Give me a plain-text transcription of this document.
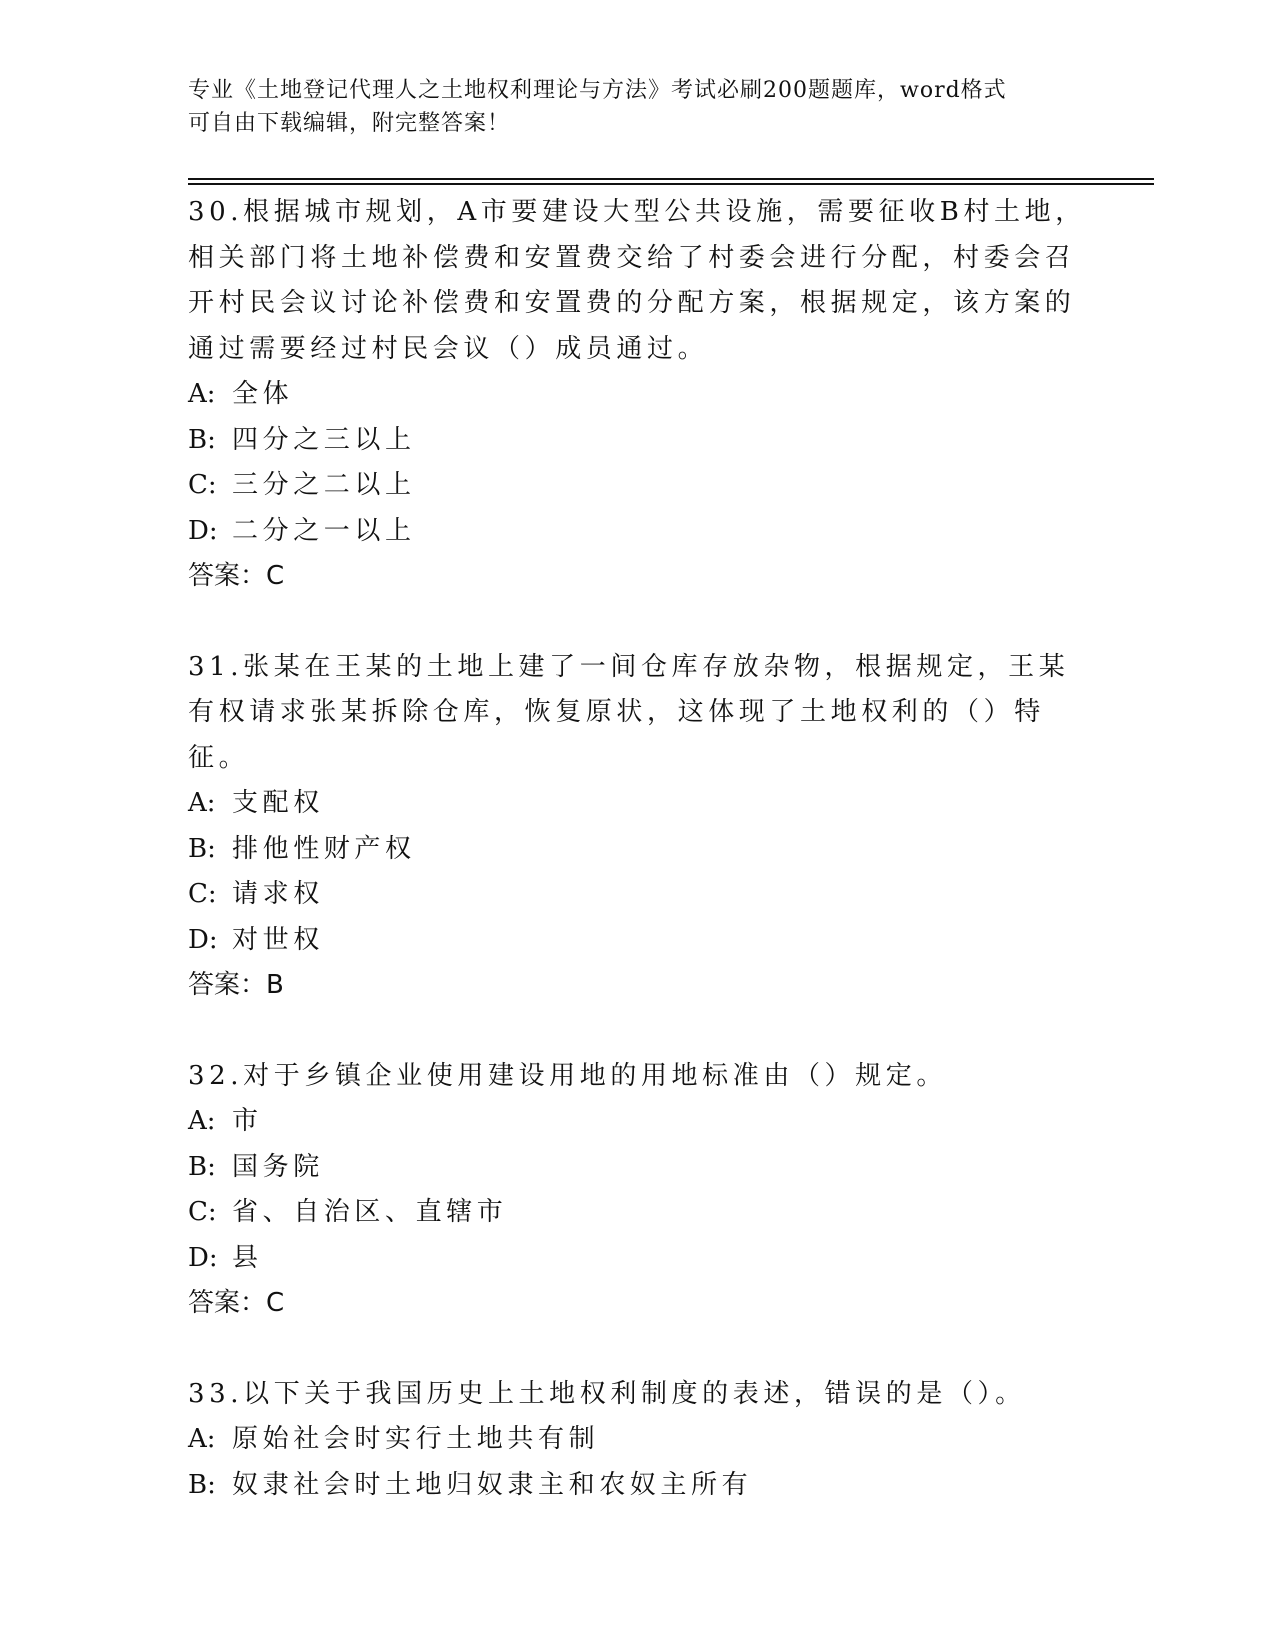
专业《土地登记代理人之土地权利理论与方法》考试必刷200题题库，word格式
可自由下载编辑，附完整答案！

30.根据城市规划，A市要建设大型公共设施，需要征收B村土地，相关部门将土地补偿费和安置费交给了村委会进行分配，村委会召开村民会议讨论补偿费和安置费的分配方案，根据规定，该方案的通过需要经过村民会议（）成员通过。

A: 全体

B: 四分之三以上

C: 三分之二以上

D: 二分之一以上

答案：C

31.张某在王某的土地上建了一间仓库存放杂物，根据规定，王某有权请求张某拆除仓库，恢复原状，这体现了土地权利的（）特征。

A: 支配权

B: 排他性财产权

C: 请求权

D: 对世权

答案：B

32.对于乡镇企业使用建设用地的用地标准由（）规定。

A: 市

B: 国务院

C: 省、自治区、直辖市

D: 县

答案：C

33.以下关于我国历史上土地权利制度的表述，错误的是（）。

A: 原始社会时实行土地共有制

B: 奴隶社会时土地归奴隶主和农奴主所有
